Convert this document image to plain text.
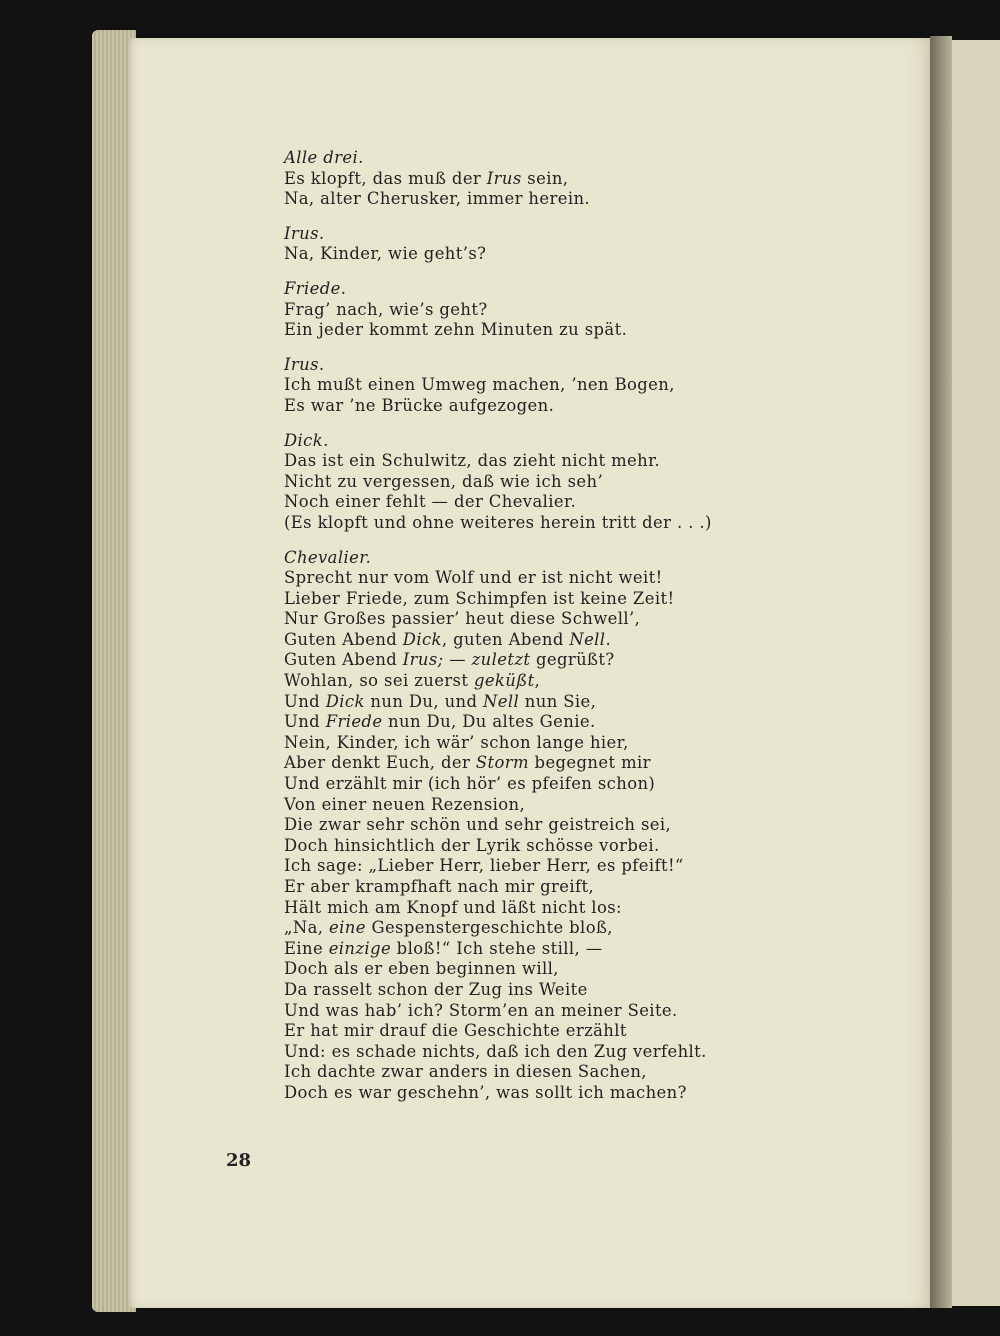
Alle drei.

Es klopft, das muß der Irus sein,

Na, alter Cherusker, immer herein.

Irus.

Na, Kinder, wie geht’s?

Friede.

Frag’ nach, wie’s geht?

Ein jeder kommt zehn Minuten zu spät.

Irus.

Ich mußt einen Umweg machen, ’nen Bogen,

Es war ’ne Brücke aufgezogen.

Dick.

Das ist ein Schulwitz, das zieht nicht mehr.

Nicht zu vergessen, daß wie ich seh’

Noch einer fehlt — der Chevalier.

(Es klopft und ohne weiteres herein tritt der . . .)

Chevalier.

Sprecht nur vom Wolf und er ist nicht weit!

Lieber Friede, zum Schimpfen ist keine Zeit!

Nur Großes passier’ heut diese Schwell’,

Guten Abend Dick, guten Abend Nell.

Guten Abend Irus; — zuletzt gegrüßt?

Wohlan, so sei zuerst geküßt,

Und Dick nun Du, und Nell nun Sie,

Und Friede nun Du, Du altes Genie.

Nein, Kinder, ich wär’ schon lange hier,

Aber denkt Euch, der Storm begegnet mir

Und erzählt mir (ich hör’ es pfeifen schon)

Von einer neuen Rezension,

Die zwar sehr schön und sehr geistreich sei,

Doch hinsichtlich der Lyrik schösse vorbei.

Ich sage: „Lieber Herr, lieber Herr, es pfeift!“

Er aber krampfhaft nach mir greift,

Hält mich am Knopf und läßt nicht los:

„Na, eine Gespenstergeschichte bloß,

Eine einzige bloß!“ Ich stehe still, —

Doch als er eben beginnen will,

Da rasselt schon der Zug ins Weite

Und was hab’ ich? Storm’en an meiner Seite.

Er hat mir drauf die Geschichte erzählt

Und: es schade nichts, daß ich den Zug verfehlt.

Ich dachte zwar anders in diesen Sachen,

Doch es war geschehn’, was sollt ich machen?

28
